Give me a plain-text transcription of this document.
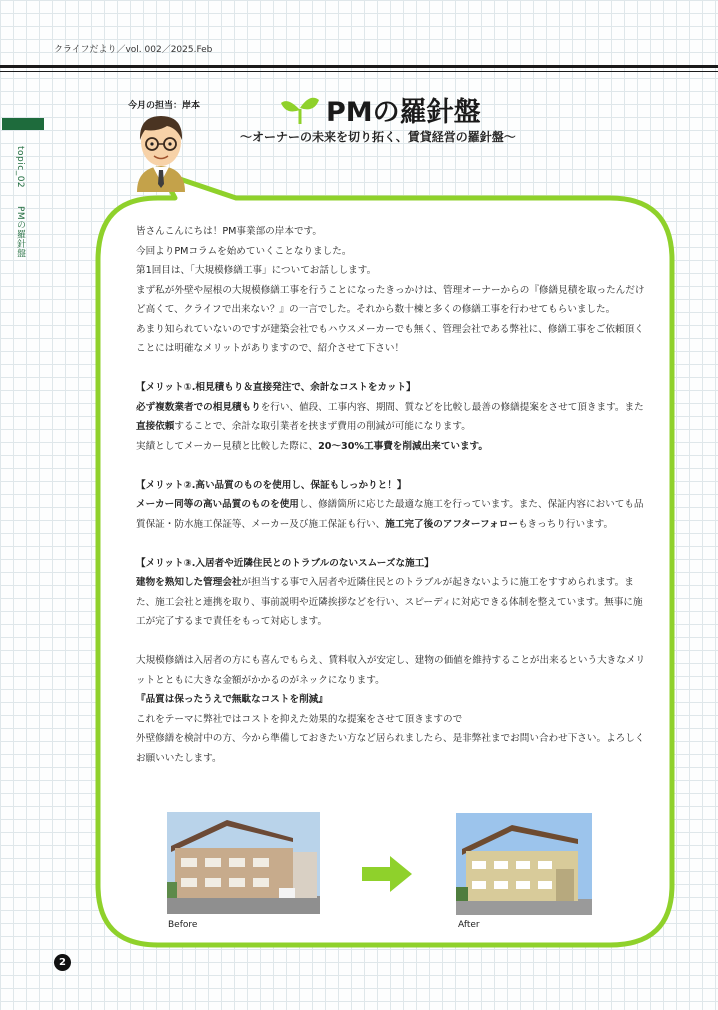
クライフだより／vol. 002／2025.Feb
topic_02 PMの羅針盤
今月の担当：岸本	PMの羅針盤
〜オーナーの未来を切り拓く、賃貸経営の羅針盤〜

皆さんこんにちは！PM事業部の岸本です。

今回よりPMコラムを始めていくことなりました。

第1回目は、「大規模修繕工事」についてお話しします。

まず私が外壁や屋根の大規模修繕工事を行うことになったきっかけは、管理オーナーからの『修繕見積を取ったんだけど高くて、クライフで出来ない？』の一言でした。それから数十棟と多くの修繕工事を行わせてもらいました。

あまり知られていないのですが建築会社でもハウスメーカーでも無く、管理会社である弊社に、修繕工事をご依頼頂くことには明確なメリットがありますので、紹介させて下さい！

【メリット①.相見積もり＆直接発注で、余計なコストをカット】

必ず複数業者での相見積もりを行い、値段、工事内容、期間、質などを比較し最善の修繕提案をさせて頂きます。また直接依頼することで、余計な取引業者を挟まず費用の削減が可能になります。

実績としてメーカー見積と比較した際に、20〜30%工事費を削減出来ています。

【メリット②.高い品質のものを使用し、保証もしっかりと！】

メーカー同等の高い品質のものを使用し、修繕箇所に応じた最適な施工を行っています。また、保証内容においても品質保証・防水施工保証等、メーカー及び施工保証も行い、施工完了後のアフターフォローもきっちり行います。

【メリット③.入居者や近隣住民とのトラブルのないスムーズな施工】

建物を熟知した管理会社が担当する事で入居者や近隣住民とのトラブルが起きないように施工をすすめられます。また、施工会社と連携を取り、事前説明や近隣挨拶などを行い、スピーディに対応できる体制を整えています。無事に施工が完了するまで責任をもって対応します。

大規模修繕は入居者の方にも喜んでもらえ、賃料収入が安定し、建物の価値を維持することが出来るという大きなメリットとともに大きな金額がかかるのがネックになります。

『品質は保ったうえで無駄なコストを削減』

これをテーマに弊社ではコストを抑えた効果的な提案をさせて頂きますので

外壁修繕を検討中の方、今から準備しておきたい方など居られましたら、是非弊社までお問い合わせ下さい。よろしくお願いいたします。

Before	After
2
